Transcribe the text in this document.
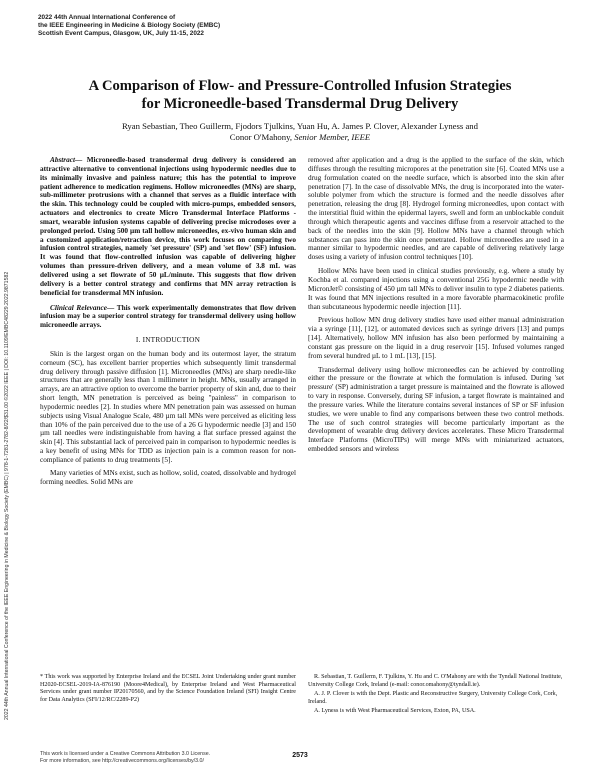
2022 44th Annual International Conference of
the IEEE Engineering in Medicine & Biology Society (EMBC)
Scottish Event Campus, Glasgow, UK, July 11-15, 2022
2022 44th Annual International Conference of the IEEE Engineering in Medicine & Biology Society (EMBC) | 978-1-7281-2782-8/22/$31.00 ©2022 IEEE | DOI: 10.1109/EMBC48229.2022.9871582
A Comparison of Flow- and Pressure-Controlled Infusion Strategies
for Microneedle-based Transdermal Drug Delivery
Ryan Sebastian, Theo Guillerm, Fjodors Tjulkins, Yuan Hu, A. James P. Clover, Alexander Lyness and
Conor O'Mahony, Senior Member, IEEE

Abstract— Microneedle-based transdermal drug delivery is considered an attractive alternative to conventional injections using hypodermic needles due to its minimally invasive and painless nature; this has the potential to improve patient adherence to medication regimens. Hollow microneedles (MNs) are sharp, sub-millimeter protrusions with a channel that serves as a fluidic interface with the skin. This technology could be coupled with micro-pumps, embedded sensors, actuators and electronics to create Micro Transdermal Interface Platforms - smart, wearable infusion systems capable of delivering precise microdoses over a prolonged period. Using 500 µm tall hollow microneedles, ex-vivo human skin and a customized application/retraction device, this work focuses on comparing two infusion control strategies, namely 'set pressure' (SP) and 'set flow' (SF) infusion. It was found that flow-controlled infusion was capable of delivering higher volumes than pressure-driven delivery, and a mean volume of 3.8 mL was delivered using a set flowrate of 50 µL/minute. This suggests that flow driven delivery is a better control strategy and confirms that MN array retraction is beneficial for transdermal MN infusion.

Clinical Relevance— This work experimentally demonstrates that flow driven infusion may be a superior control strategy for transdermal delivery using hollow microneedle arrays.

I. INTRODUCTION

Skin is the largest organ on the human body and its outermost layer, the stratum corneum (SC), has excellent barrier properties which subsequently limit transdermal drug delivery through passive diffusion [1]. Microneedles (MNs) are sharp needle-like structures that are generally less than 1 millimeter in height. MNs, usually arranged in arrays, are an attractive option to overcome the barrier property of skin and, due to their short length, MN penetration is perceived as being "painless" in comparison to hypodermic needles [2]. In studies where MN penetration pain was assessed on human subjects using Visual Analogue Scale, 480 µm tall MNs were perceived as eliciting less than 10% of the pain perceived due to the use of a 26 G hypodermic needle [3] and 150 µm tall needles were indistinguishable from having a flat surface pressed against the skin [4]. This substantial lack of perceived pain in comparison to hypodermic needles is a key benefit of using MNs for TDD as injection pain is a common reason for non-compliance of patients to drug treatments [5].

Many varieties of MNs exist, such as hollow, solid, coated, dissolvable and hydrogel forming needles. Solid MNs are

removed after application and a drug is the applied to the surface of the skin, which diffuses through the resulting micropores at the penetration site [6]. Coated MNs use a drug formulation coated on the needle surface, which is absorbed into the skin after penetration [7]. In the case of dissolvable MNs, the drug is incorporated into the water-soluble polymer from which the structure is formed and the needle dissolves after penetration, releasing the drug [8]. Hydrogel forming microneedles, upon contact with the interstitial fluid within the epidermal layers, swell and form an unblockable conduit through which therapeutic agents and vaccines diffuse from a reservoir attached to the back of the needles into the skin [9]. Hollow MNs have a channel through which substances can pass into the skin once penetrated. Hollow microneedles are used in a manner similar to hypodermic needles, and are capable of delivering relatively large doses using a variety of infusion control techniques [10].

Hollow MNs have been used in clinical studies previously, e.g. where a study by Kochba et al. compared injections using a conventional 25G hypodermic needle with MicronJet© consisting of 450 µm tall MNs to deliver insulin to type 2 diabetes patients. It was found that MN injections resulted in a more favorable pharmacokinetic profile than subcutaneous hypodermic needle injection [11].

Previous hollow MN drug delivery studies have used either manual administration via a syringe [11], [12], or automated devices such as syringe drivers [13] and pumps [14]. Alternatively, hollow MN infusion has also been performed by maintaining a constant gas pressure on the liquid in a drug reservoir [15]. Infused volumes ranged from several hundred µL to 1 mL [13], [15].

Transdermal delivery using hollow microneedles can be achieved by controlling either the pressure or the flowrate at which the formulation is infused. During 'set pressure' (SP) administration a target pressure is maintained and the flowrate is allowed to vary in response. Conversely, during SF infusion, a target flowrate is maintained and the pressure varies. While the literature contains several instances of SP or SF infusion studies, we were unable to find any comparisons between these two control methods. The use of such control strategies will become particularly important as the development of wearable drug delivery devices accelerates. These Micro Transdermal Interface Platforms (MicroTIPs) will merge MNs with miniaturized actuators, embedded sensors and wireless

* This work was supported by Enterprise Ireland and the ECSEL Joint Undertaking under grant number H2020-ECSEL-2019-IA-876190 (Moore4Medical), by Enterprise Ireland and West Pharmaceutical Services under grant number IP20170560, and by the Science Foundation Ireland (SFI) Insight Centre for Data Analytics (SFI/12/RC/2289-P2)

R. Sebastian, T. Guillerm, F. Tjulkins, Y. Hu and C. O'Mahony are with the Tyndall National Institute, University College Cork, Ireland (e-mail: conor.omahony@tyndall.ie).

A. J. P. Clover is with the Dept. Plastic and Reconstructive Surgery, University College Cork, Cork, Ireland.

A. Lyness is with West Pharmaceutical Services, Exton, PA, USA.

This work is licensed under a Creative Commons Attribution 3.0 License.
For more information, see http://creativecommons.org/licenses/by/3.0/
2573
